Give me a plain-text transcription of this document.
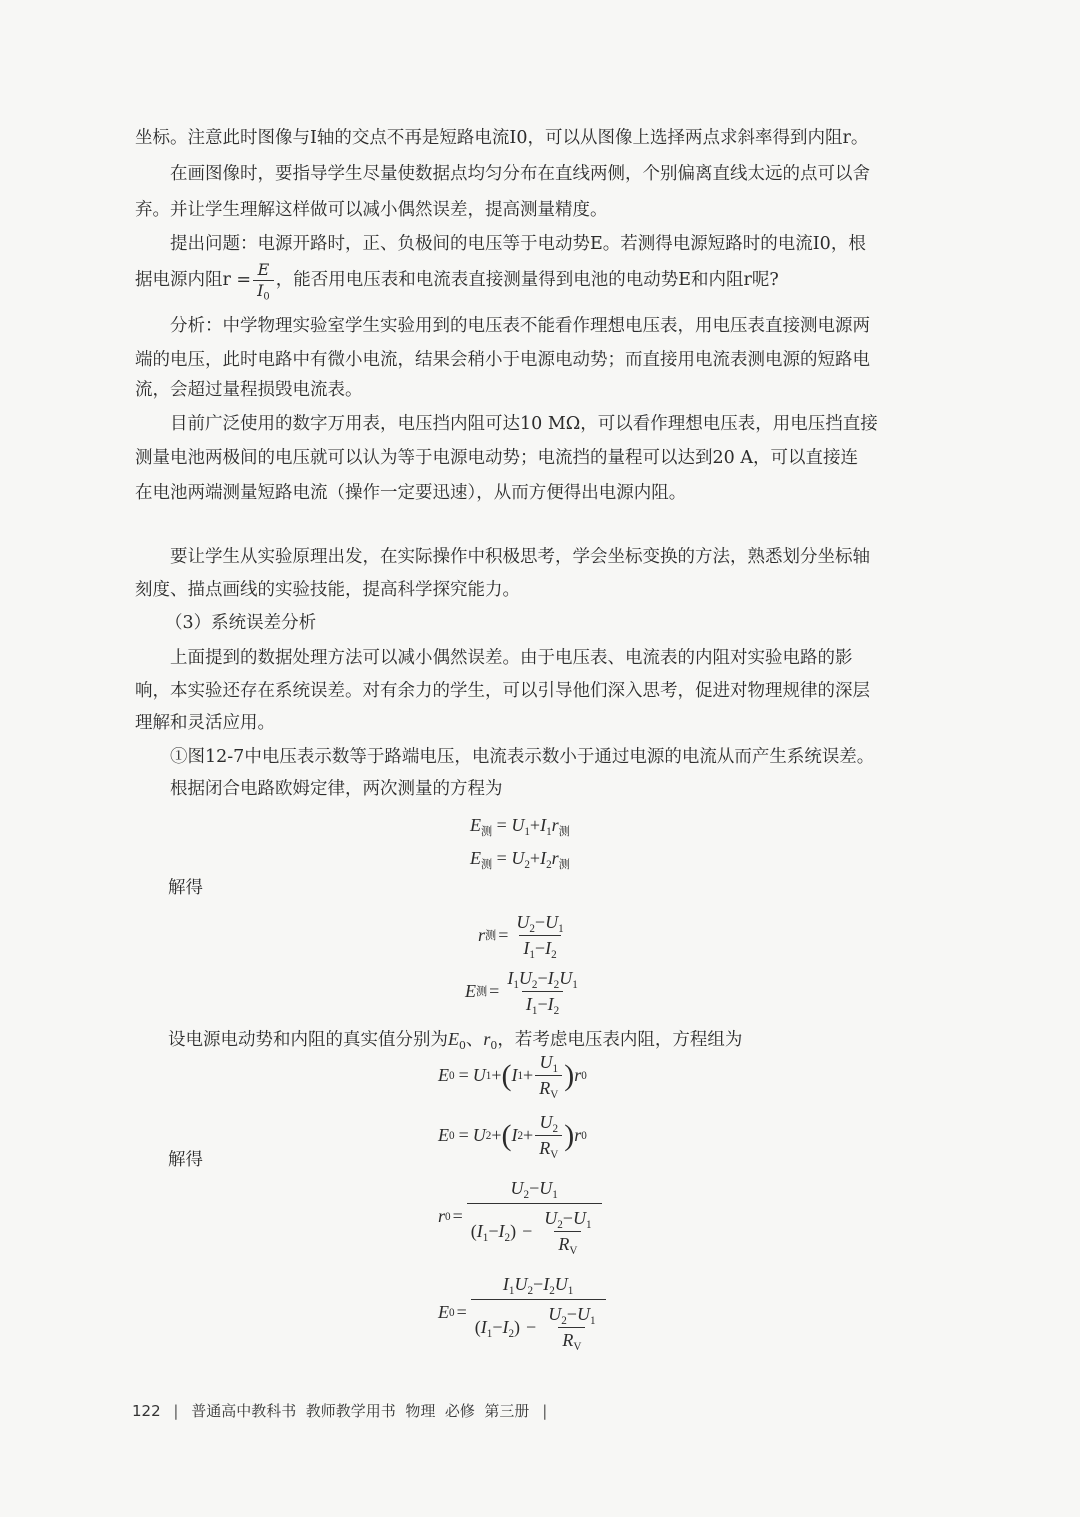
坐标。注意此时图像与I轴的交点不再是短路电流I0，可以从图像上选择两点求斜率得到内阻r。
在画图像时，要指导学生尽量使数据点均匀分布在直线两侧，个别偏离直线太远的点可以舍
弃。并让学生理解这样做可以减小偶然误差，提高测量精度。
提出问题：电源开路时，正、负极间的电压等于电动势E。若测得电源短路时的电流I0，根
据电源内阻$r = \frac{E}{I_0}$ ，能否用电压表和电流表直接测量得到电池的电动势E和内阻r呢?
分析：中学物理实验室学生实验用到的电压表不能看作理想电压表，用电压表直接测电源两
端的电压，此时电路中有微小电流，结果会稍小于电源电动势；而直接用电流表测电源的短路电
流，会超过量程损毁电流表。
目前广泛使用的数字万用表，电压挡内阻可达10 MΩ，可以看作理想电压表，用电压挡直接
测量电池两极间的电压就可以认为等于电源电动势；电流挡的量程可以达到20 A，可以直接连
在电池两端测量短路电流（操作一定要迅速），从而方便得出电源内阻。
要让学生从实验原理出发，在实际操作中积极思考，学会坐标变换的方法，熟悉划分坐标轴
刻度、描点画线的实验技能，提高科学探究能力。
（3）系统误差分析
上面提到的数据处理方法可以减小偶然误差。由于电压表、电流表的内阻对实验电路的影
响，本实验还存在系统误差。对有余力的学生，可以引导他们深入思考，促进对物理规律的深层
理解和灵活应用。
①图12-7中电压表示数等于路端电压，电流表示数小于通过电源的电流从而产生系统误差。
根据闭合电路欧姆定律，两次测量的方程为
$E_测 = U_1+I_1r_测$
$E_测 = U_2+I_2r_测$
解得
r 测 = $\frac{U_2-U_1}{I_1-I_2}$
E 测 = $\frac{I_1U_2-I_2U_1}{I_1-I_2}$
设电源电动势和内阻的真实值分别为$E_0$、$r_0$，若考虑电压表内阻，方程组为
E 0 = U 1 + ( I $1 + \frac{U_1}{R_V}$ ) r 0
E 0 = U 2 + ( I $2 + \frac{U_2}{R_V}$ ) r 0
解得
r $0 = \frac{U_2-U_1}{(I_1-I_2) - \frac{U_2-U_1}{R_V}}$
E $0 = \frac{I_1U_2-I_2U_1}{(I_1-I_2) - \frac{U_2-U_1}{R_V}}$
122 | 普通高中教科书  教师教学用书  物理  必修  第三册 |
